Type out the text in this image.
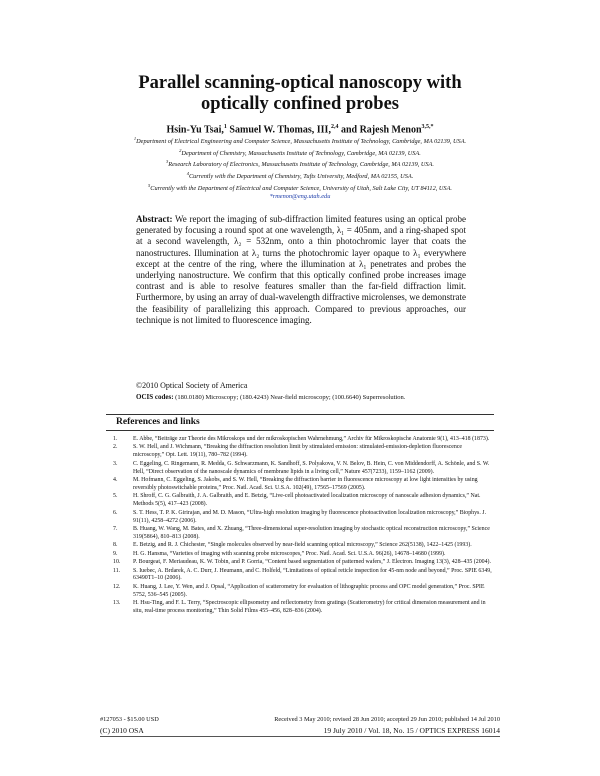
Parallel scanning-optical nanoscopy with
optically confined probes
Hsin-Yu Tsai,$^1$ Samuel W. Thomas, III,$^{2,4}$ and Rajesh Menon$^{3,5,*}$
$^1$Department of Electrical Engineering and Computer Science, Massachusetts Institute of Technology, Cambridge, MA 02139, USA.
$^2$Department of Chemistry, Massachusetts Institute of Technology, Cambridge, MA 02139, USA.
$^3$Research Laboratory of Electronics, Massachusetts Institute of Technology, Cambridge, MA 02139, USA.
$^4$Currently with the Department of Chemistry, Tufts University, Medford, MA 02155, USA.
$^5$Currently with the Department of Electrical and Computer Science, University of Utah, Salt Lake City, UT 84112, USA.
*rmenon@eng.utah.edu
Abstract: We report the imaging of sub-diffraction limited features using an optical probe generated by focusing a round spot at one wavelength, λ₁ = 405nm, and a ring-shaped spot at a second wavelength, λ₂ = 532nm, onto a thin photochromic layer that coats the nanostructures. Illumination at λ₂ turns the photochromic layer opaque to λ₁ everywhere except at the centre of the ring, where the illumination at λ₁ penetrates and probes the underlying nanostructure. We confirm that this optically confined probe increases image contrast and is able to resolve features smaller than the far-field diffraction limit. Furthermore, by using an array of dual-wavelength diffractive microlenses, we demonstrate the feasibility of parallelizing this approach. Compared to previous approaches, our technique is not limited to fluorescence imaging.
©2010 Optical Society of America
OCIS codes: (180.0180) Microscopy; (180.4243) Near-field microscopy; (100.6640) Superresolution.
References and links
1.	E. Abbe, “Beiträge zur Theorie des Mikroskops und der mikroskopischen Wahrnehmung,” Archiv für Mikroskopische Anatomie 9(1), 413–418 (1873).
2.	S. W. Hell, and J. Wichmann, “Breaking the diffraction resolution limit by stimulated emission: stimulated-emission-depletion fluorescence microscopy,” Opt. Lett. 19(11), 780–782 (1994).
3.	C. Eggeling, C. Ringemann, R. Medda, G. Schwarzmann, K. Sandhoff, S. Polyakova, V. N. Belov, B. Hein, C. von Middendorff, A. Schönle, and S. W. Hell, “Direct observation of the nanoscale dynamics of membrane lipids in a living cell,” Nature 457(7233), 1159–1162 (2009).
4.	M. Hofmann, C. Eggeling, S. Jakobs, and S. W. Hell, “Breaking the diffraction barrier in fluorescence microscopy at low light intensities by using reversibly photoswitchable proteins,” Proc. Natl. Acad. Sci. U.S.A. 102(49), 17565–17569 (2005).
5.	H. Shroff, C. G. Galbraith, J. A. Galbraith, and E. Betzig, “Live-cell photoactivated localization microscopy of nanoscale adhesion dynamics,” Nat. Methods 5(5), 417–423 (2008).
6.	S. T. Hess, T. P. K. Girirajan, and M. D. Mason, “Ultra-high resolution imaging by fluorescence photoactivation localization microscopy,” Biophys. J. 91(11), 4258–4272 (2006).
7.	B. Huang, W. Wang, M. Bates, and X. Zhuang, “Three-dimensional super-resolution imaging by stochastic optical reconstruction microscopy,” Science 319(5864), 810–813 (2008).
8.	E. Betzig, and R. J. Chichester, “Single molecules observed by near-field scanning optical microscopy,” Science 262(5138), 1422–1425 (1993).
9.	H. G. Hansma, “Varieties of imaging with scanning probe microscopes,” Proc. Natl. Acad. Sci. U.S.A. 96(26), 14678–14680 (1999).
10.	P. Bourgeat, F. Meriaudeau, K. W. Tobin, and P. Gorria, “Content based segmentation of patterned wafers,” J. Electron. Imaging 13(3), 428–435 (2004).
11.	S. Iuebec, A. Brdarek, A. C. Durr, J. Heumann, and C. Holfeld, “Limitations of optical reticle inspection for 45-nm node and beyond,” Proc. SPIE 6349, 63490T1–10 (2006).
12.	K. Huang, J. Lee, Y. Wen, and J. Opsal, “Application of scatterometry for evaluation of lithographic process and OPC model generation,” Proc. SPIE 5752, 536–545 (2005).
13.	H. Hsu-Ting, and F. L. Terry, “Spectroscopic ellipsometry and reflectometry from gratings (Scatterometry) for critical dimension measurement and in situ, real-time process monitoring,” Thin Solid Films 455–456, 828–836 (2004).
#127053 - $15.00 USD	Received 3 May 2010; revised 28 Jun 2010; accepted 29 Jun 2010; published 14 Jul 2010
(C) 2010 OSA	19 July 2010 / Vol. 18, No. 15 / OPTICS EXPRESS 16014
